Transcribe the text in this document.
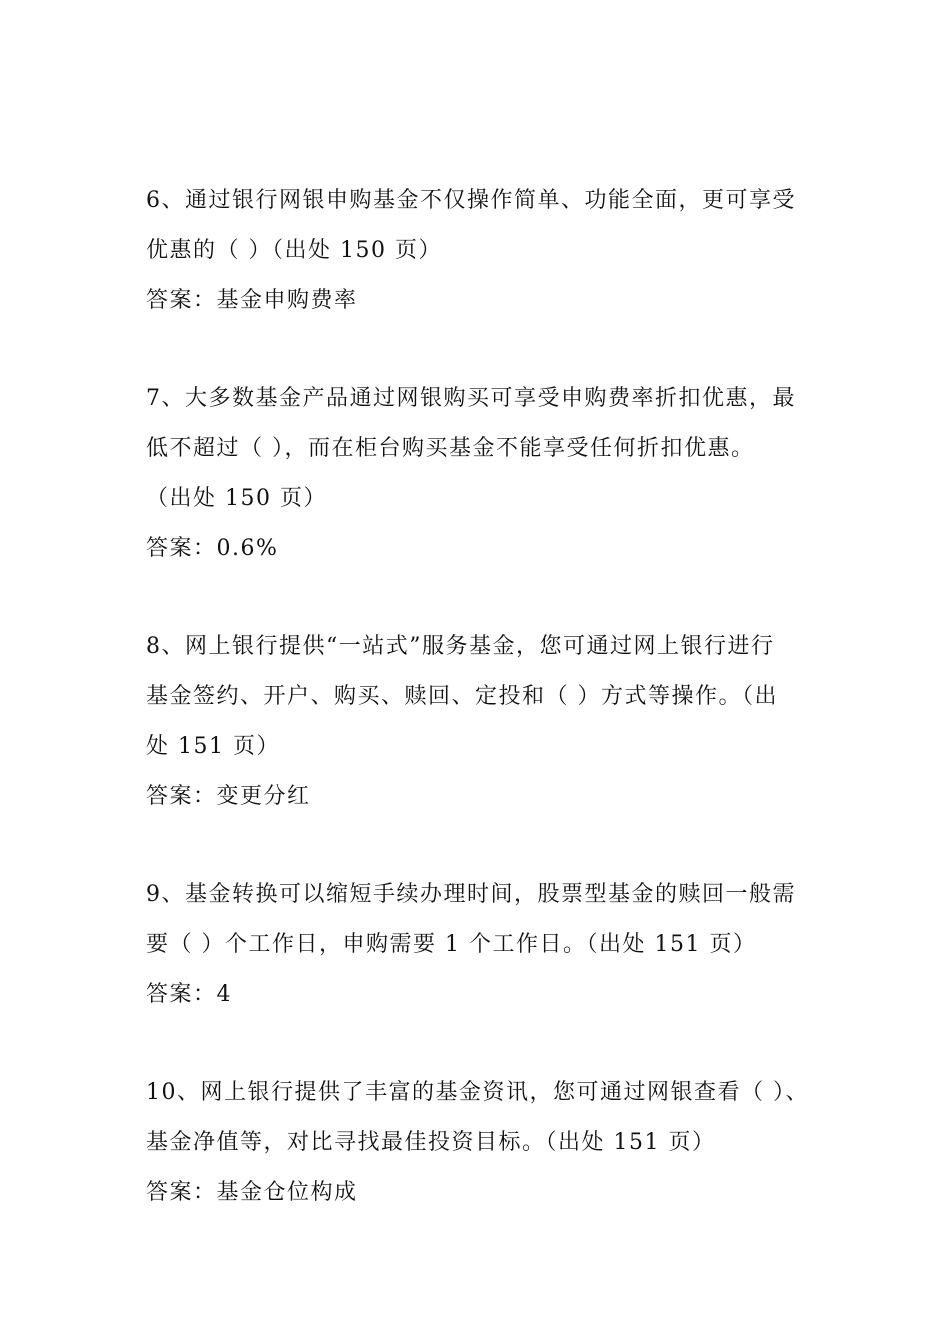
6、通过银行网银申购基金不仅操作简单、功能全面，更可享受
优惠的（ ）（出处 150 页）
答案：基金申购费率
7、大多数基金产品通过网银购买可享受申购费率折扣优惠，最
低不超过（ ），而在柜台购买基金不能享受任何折扣优惠。
（出处 150 页）
答案：0.6%
8、网上银行提供“一站式”服务基金，您可通过网上银行进行
基金签约、开户、购买、赎回、定投和（ ）方式等操作。（出
处 151 页）
答案：变更分红
9、基金转换可以缩短手续办理时间，股票型基金的赎回一般需
要（ ）个工作日，申购需要 1 个工作日。（出处 151 页）
答案：4
10、网上银行提供了丰富的基金资讯，您可通过网银查看（ ）、
基金净值等，对比寻找最佳投资目标。（出处 151 页）
答案：基金仓位构成
